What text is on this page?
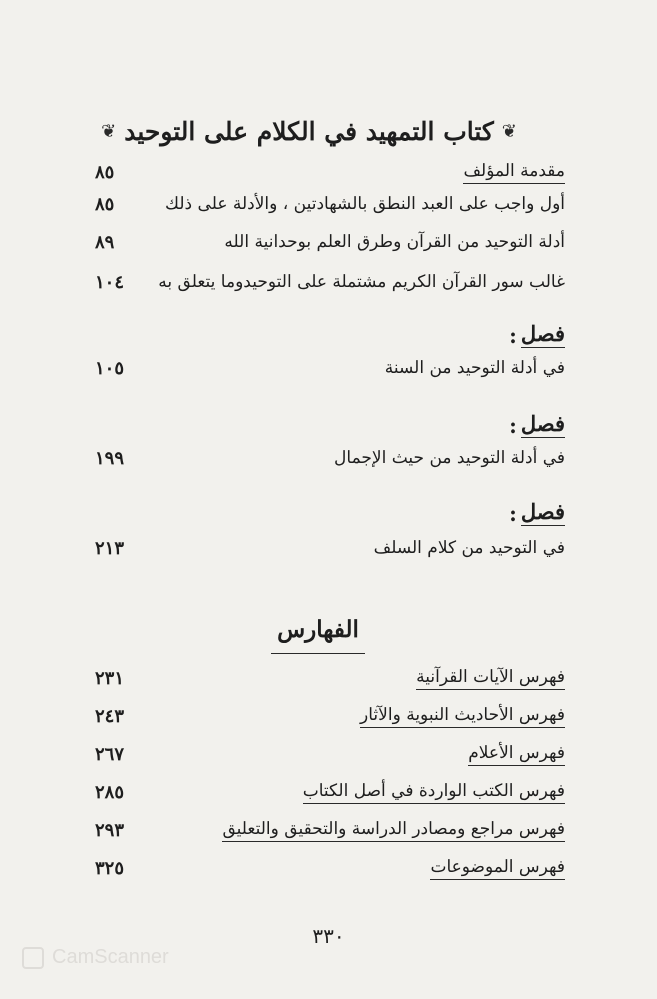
❦
كتاب التمهيد في الكلام على التوحيد
❦
مقدمة المؤلف
٨٥
أول واجب على العبد النطق بالشهادتين ، والأدلة على ذلك
٨٥
أدلة التوحيد من القرآن وطرق العلم بوحدانية الله
٨٩
غالب سور القرآن الكريم مشتملة على التوحيدوما يتعلق به
١٠٤
فصل
:
في أدلة التوحيد من السنة
١٠٥
فصل
:
في أدلة التوحيد من حيث الإجمال
١٩٩
فصل
:
في التوحيد من كلام السلف
٢١٣
الفهارس
فهرس الآيات القرآنية
٢٣١
فهرس الأحاديث النبوية والآثار
٢٤٣
فهرس الأعلام
٢٦٧
فهرس الكتب الواردة في أصل الكتاب
٢٨٥
فهرس مراجع ومصادر الدراسة والتحقيق والتعليق
٢٩٣
فهرس الموضوعات
٣٢٥
٣٣٠
CamScanner
